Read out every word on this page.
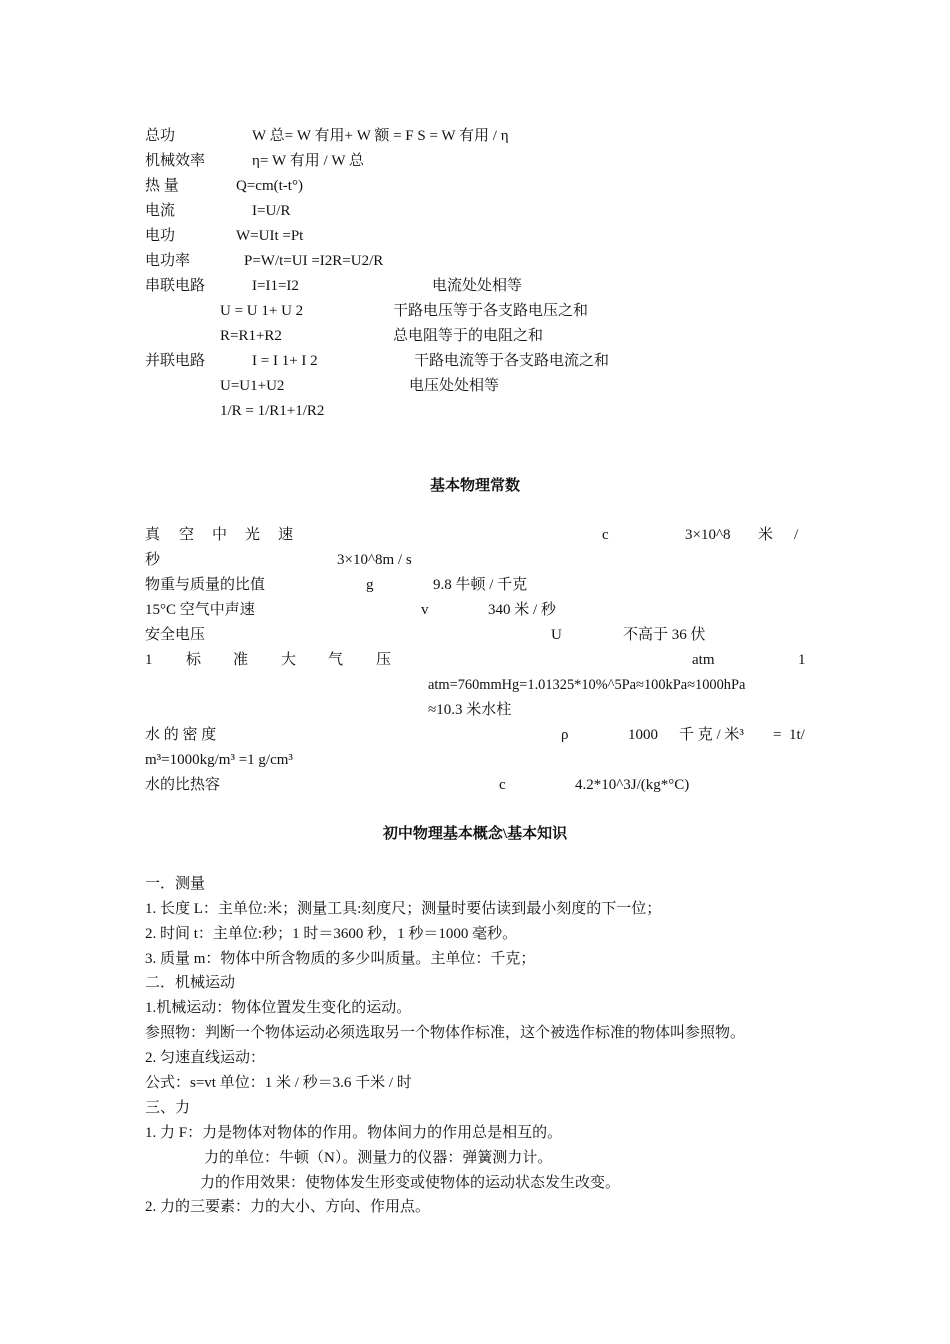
总功	W 总= W 有用+ W 额 = F S = W 有用 / η
机械效率	η= W 有用 / W 总
热 量	Q=cm(t-t°)
电流	I=U/R
电功	W=UIt =Pt
电功率	P=W/t=UI =I2R=U2/R
串联电路	I=I1=I2	电流处处相等
U = U 1+ U 2	干路电压等于各支路电压之和
R=R1+R2	总电阻等于的电阻之和
并联电路	I = I 1+ I 2	干路电流等于各支路电流之和
U=U1+U2	电压处处相等
1/R = 1/R1+1/R2
基本物理常数
真 空 中 光 速	c	3×10^8 米 /
秒	3×10^8m / s
物重与质量的比值	g	9.8 牛顿 / 千克
15°C 空气中声速	v	340 米 / 秒
安全电压	U	不高于 36 伏
1 标 准 大 气 压	atm	1
atm=760mmHg=1.01325*10%^5Pa≈100kPa≈1000hPa
≈10.3 米水柱
水 的 密 度	ρ	1000 千 克 / 米³ = 1t/
m³=1000kg/m³ =1 g/cm³
水的比热容	c	4.2*10^3J/(kg*°C)
初中物理基本概念\基本知识
一．测量
1. 长度 L：主单位:米；测量工具:刻度尺；测量时要估读到最小刻度的下一位；
2. 时间 t：主单位:秒；1 时＝3600 秒，1 秒＝1000 毫秒。
3. 质量 m：物体中所含物质的多少叫质量。主单位：千克；
二．机械运动
1.机械运动：物体位置发生变化的运动。
参照物：判断一个物体运动必须选取另一个物体作标准，这个被选作标准的物体叫参照物。
2. 匀速直线运动：
公式：s=vt 单位：1 米 / 秒＝3.6 千米 / 时
三、力
1. 力 F：力是物体对物体的作用。物体间力的作用总是相互的。
力的单位：牛顿（N）。测量力的仪器：弹簧测力计。
力的作用效果：使物体发生形变或使物体的运动状态发生改变。
2. 力的三要素：力的大小、方向、作用点。
